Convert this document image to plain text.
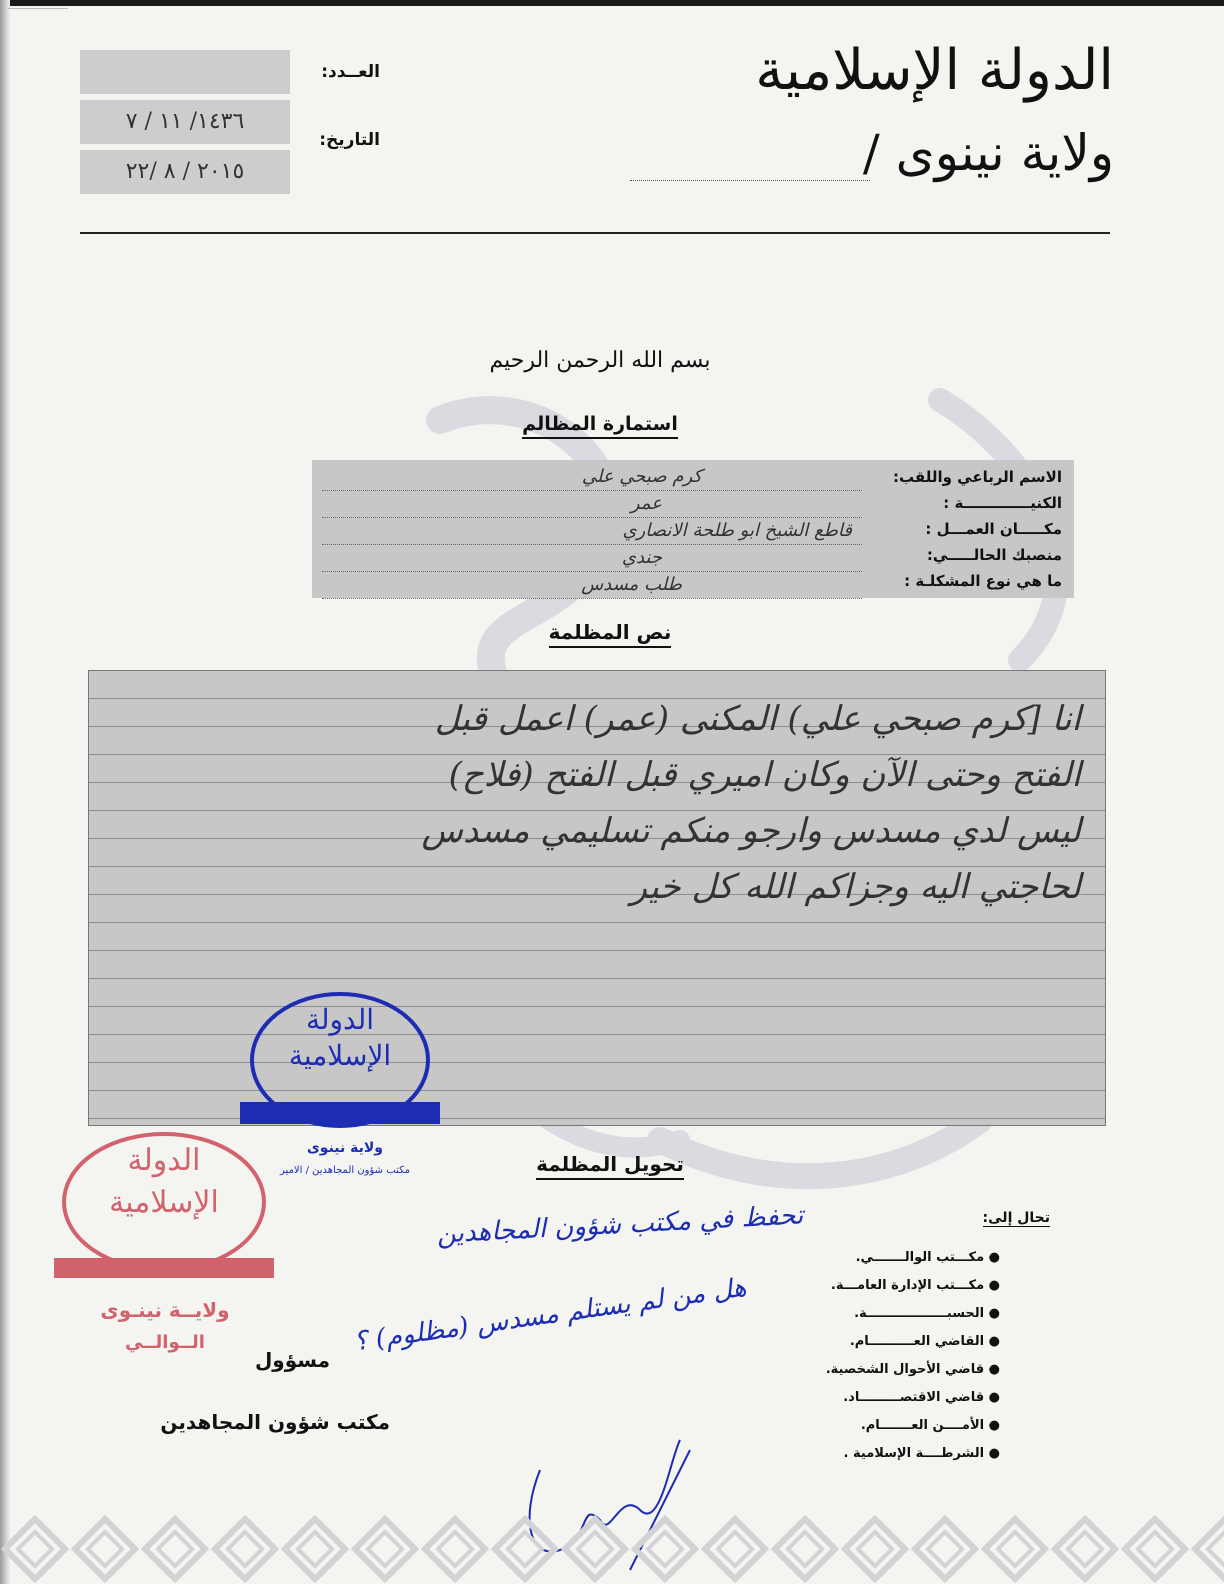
الدولة الإسلامية
ولاية نينوى /
العــدد:
التاريخ:
١٤٣٦/ ١١ / ٧
٢٠١٥ / ٨ /٢٢
بسم الله الرحمن الرحيم
استمارة المظالم
الاسم الرباعي واللقب:
الكنيـــــــــــــة :
مكـــــان العمـــل :
منصبك الحالـــــي:
ما هي نوع المشكلـة :
كرم صبحي علي
عمر
قاطع الشيخ ابو طلحة الانصاري
جندي
طلب مسدس
نص المظلمة
انا [كرم صبحي علي) المكنى (عمر) اعمل قبل
الفتح وحتى الآن وكان اميري قبل الفتح (فلاح)
ليس لدي مسدس وارجو منكم تسليمي مسدس
لحاجتي اليه وجزاكم الله كل خير
الدولة
الإسلامية
ولاية نينوى
مكتب شؤون المجاهدين / الامير	تحويل المظلمة
تحفظ في مكتب شؤون المجاهدين
هل من لم يستلم مسدس (مظلوم) ؟
تحال إلى:
● مكـــتب الوالـــــــي.
● مكـــتب الإدارة العامـــة.
● الحسبــــــــــــــــــة.
● القاضي العــــــــــام.
● قاضي الأحوال الشخصية.
● قاضي الاقتصـــــــــاد.
● الأمــــن العـــــــام.
● الشرطــــة الإسلامية .
مسؤول
مكتب شؤون المجاهدين
الدولة
الإسلامية
ولايــة نينـوى
الــوالــي
